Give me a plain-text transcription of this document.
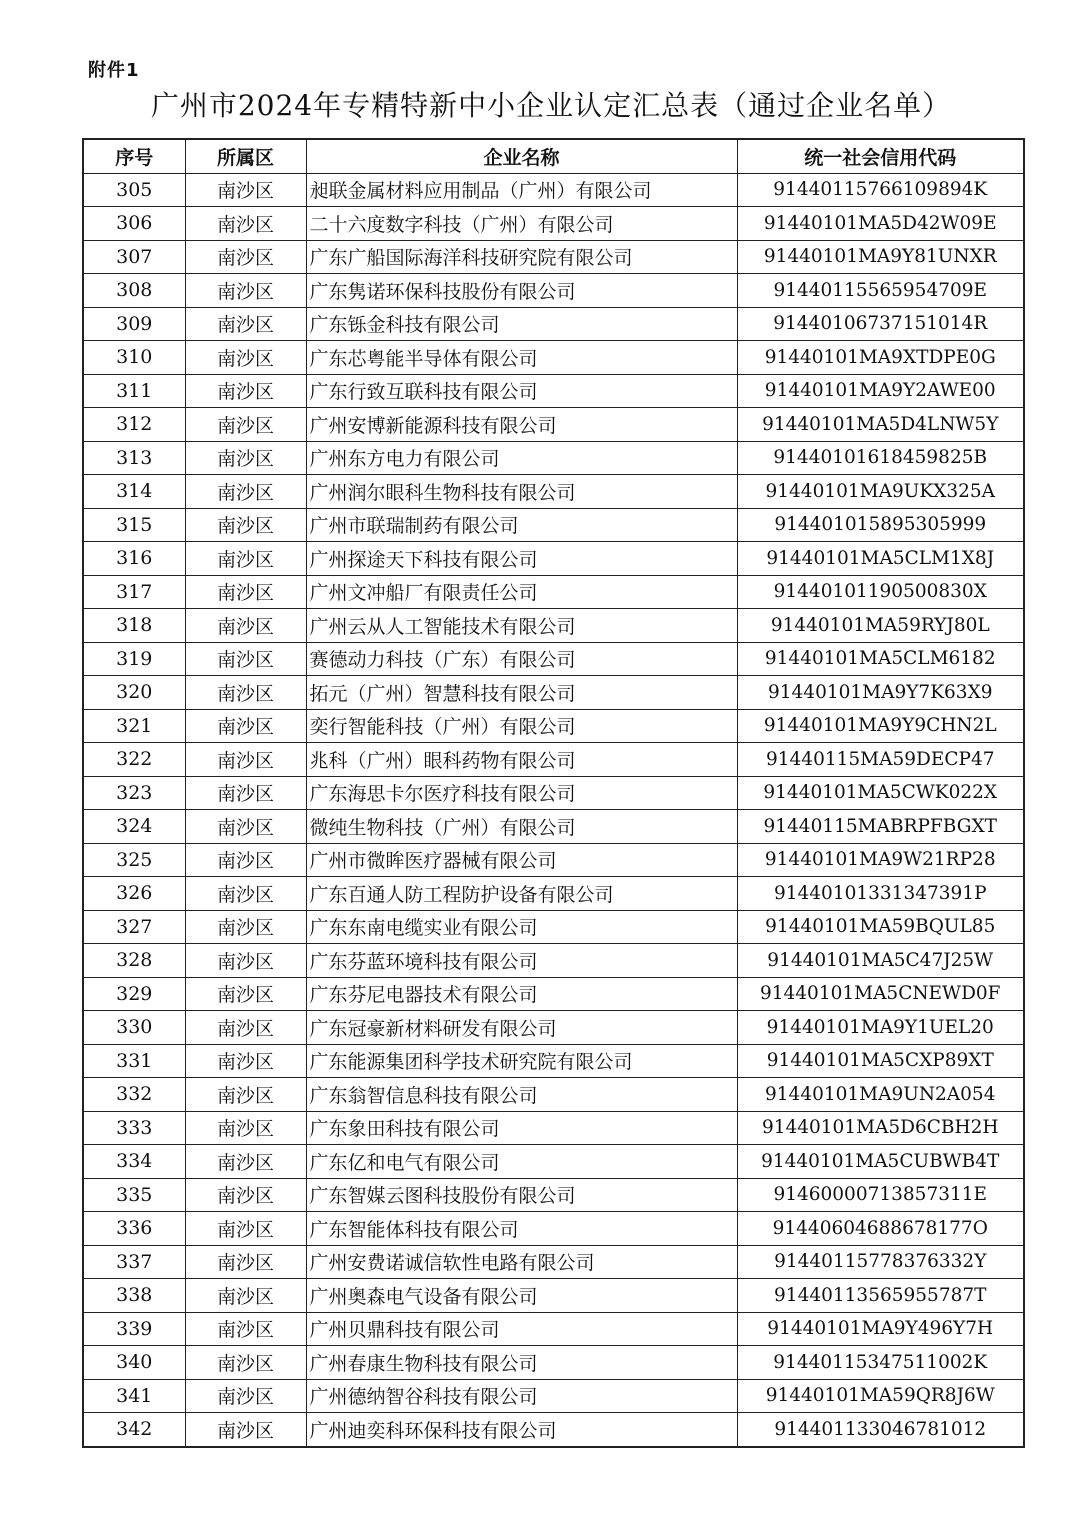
附件1
广州市2024年专精特新中小企业认定汇总表（通过企业名单）
序号	所属区	企业名称	统一社会信用代码
305	南沙区	昶联金属材料应用制品（广州）有限公司	91440115766109894K
306	南沙区	二十六度数字科技（广州）有限公司	91440101MA5D42W09E
307	南沙区	广东广船国际海洋科技研究院有限公司	91440101MA9Y81UNXR
308	南沙区	广东隽诺环保科技股份有限公司	91440115565954709E
309	南沙区	广东铄金科技有限公司	91440106737151014R
310	南沙区	广东芯粤能半导体有限公司	91440101MA9XTDPE0G
311	南沙区	广东行致互联科技有限公司	91440101MA9Y2AWE00
312	南沙区	广州安博新能源科技有限公司	91440101MA5D4LNW5Y
313	南沙区	广州东方电力有限公司	91440101618459825B
314	南沙区	广州润尔眼科生物科技有限公司	91440101MA9UKX325A
315	南沙区	广州市联瑞制药有限公司	914401015895305999
316	南沙区	广州探途天下科技有限公司	91440101MA5CLM1X8J
317	南沙区	广州文冲船厂有限责任公司	91440101190500830X
318	南沙区	广州云从人工智能技术有限公司	91440101MA59RYJ80L
319	南沙区	赛德动力科技（广东）有限公司	91440101MA5CLM6182
320	南沙区	拓元（广州）智慧科技有限公司	91440101MA9Y7K63X9
321	南沙区	奕行智能科技（广州）有限公司	91440101MA9Y9CHN2L
322	南沙区	兆科（广州）眼科药物有限公司	91440115MA59DECP47
323	南沙区	广东海思卡尔医疗科技有限公司	91440101MA5CWK022X
324	南沙区	微纯生物科技（广州）有限公司	91440115MABRPFBGXT
325	南沙区	广州市微眸医疗器械有限公司	91440101MA9W21RP28
326	南沙区	广东百通人防工程防护设备有限公司	91440101331347391P
327	南沙区	广东东南电缆实业有限公司	91440101MA59BQUL85
328	南沙区	广东芬蓝环境科技有限公司	91440101MA5C47J25W
329	南沙区	广东芬尼电器技术有限公司	91440101MA5CNEWD0F
330	南沙区	广东冠豪新材料研发有限公司	91440101MA9Y1UEL20
331	南沙区	广东能源集团科学技术研究院有限公司	91440101MA5CXP89XT
332	南沙区	广东翁智信息科技有限公司	91440101MA9UN2A054
333	南沙区	广东象田科技有限公司	91440101MA5D6CBH2H
334	南沙区	广东亿和电气有限公司	91440101MA5CUBWB4T
335	南沙区	广东智媒云图科技股份有限公司	91460000713857311E
336	南沙区	广东智能体科技有限公司	91440604688678177O
337	南沙区	广州安费诺诚信软性电路有限公司	91440115778376332Y
338	南沙区	广州奥森电气设备有限公司	91440113565955787T
339	南沙区	广州贝鼎科技有限公司	91440101MA9Y496Y7H
340	南沙区	广州春康生物科技有限公司	91440115347511002K
341	南沙区	广州德纳智谷科技有限公司	91440101MA59QR8J6W
342	南沙区	广州迪奕科环保科技有限公司	914401133046781012
